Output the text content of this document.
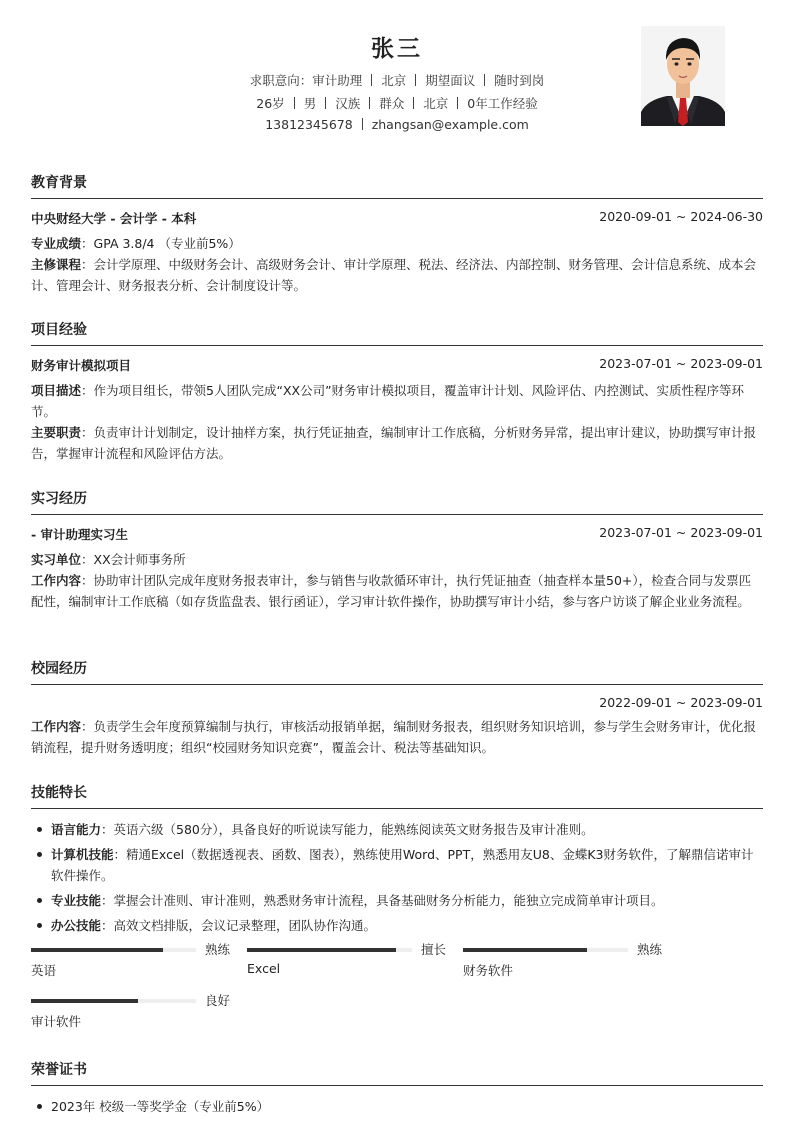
张三
求职意向：审计助理 北京 期望面议 随时到岗
26岁 男 汉族 群众 北京 0年工作经验
13812345678 zhangsan@example.com
教育背景
中央财经大学 - 会计学 - 本科	2020-09-01 ~ 2024-06-30
专业成绩：GPA 3.8/4 （专业前5%）
主修课程：会计学原理、中级财务会计、高级财务会计、审计学原理、税法、经济法、内部控制、财务管理、会计信息系统、成本会计、管理会计、财务报表分析、会计制度设计等。
项目经验
财务审计模拟项目	2023-07-01 ~ 2023-09-01
项目描述：作为项目组长，带领5人团队完成“XX公司”财务审计模拟项目，覆盖审计计划、风险评估、内控测试、实质性程序等环节。
主要职责：负责审计计划制定，设计抽样方案，执行凭证抽查，编制审计工作底稿，分析财务异常，提出审计建议，协助撰写审计报告，掌握审计流程和风险评估方法。
实习经历
- 审计助理实习生	2023-07-01 ~ 2023-09-01
实习单位：XX会计师事务所
工作内容：协助审计团队完成年度财务报表审计，参与销售与收款循环审计，执行凭证抽查（抽查样本量50+），检查合同与发票匹配性，编制审计工作底稿（如存货监盘表、银行函证），学习审计软件操作，协助撰写审计小结，参与客户访谈了解企业业务流程。
校园经历
2022-09-01 ~ 2023-09-01
工作内容：负责学生会年度预算编制与执行，审核活动报销单据，编制财务报表，组织财务知识培训，参与学生会财务审计，优化报销流程，提升财务透明度；组织“校园财务知识竞赛”，覆盖会计、税法等基础知识。
技能特长
语言能力：英语六级（580分），具备良好的听说读写能力，能熟练阅读英文财务报告及审计准则。
计算机技能：精通Excel（数据透视表、函数、图表），熟练使用Word、PPT，熟悉用友U8、金蝶K3财务软件，了解鼎信诺审计软件操作。
专业技能：掌握会计准则、审计准则，熟悉财务审计流程，具备基础财务分析能力，能独立完成简单审计项目。
办公技能：高效文档排版，会议记录整理，团队协作沟通。
熟练
英语
擅长
Excel
熟练
财务软件
良好
审计软件
荣誉证书
2023年 校级一等奖学金（专业前5%）
